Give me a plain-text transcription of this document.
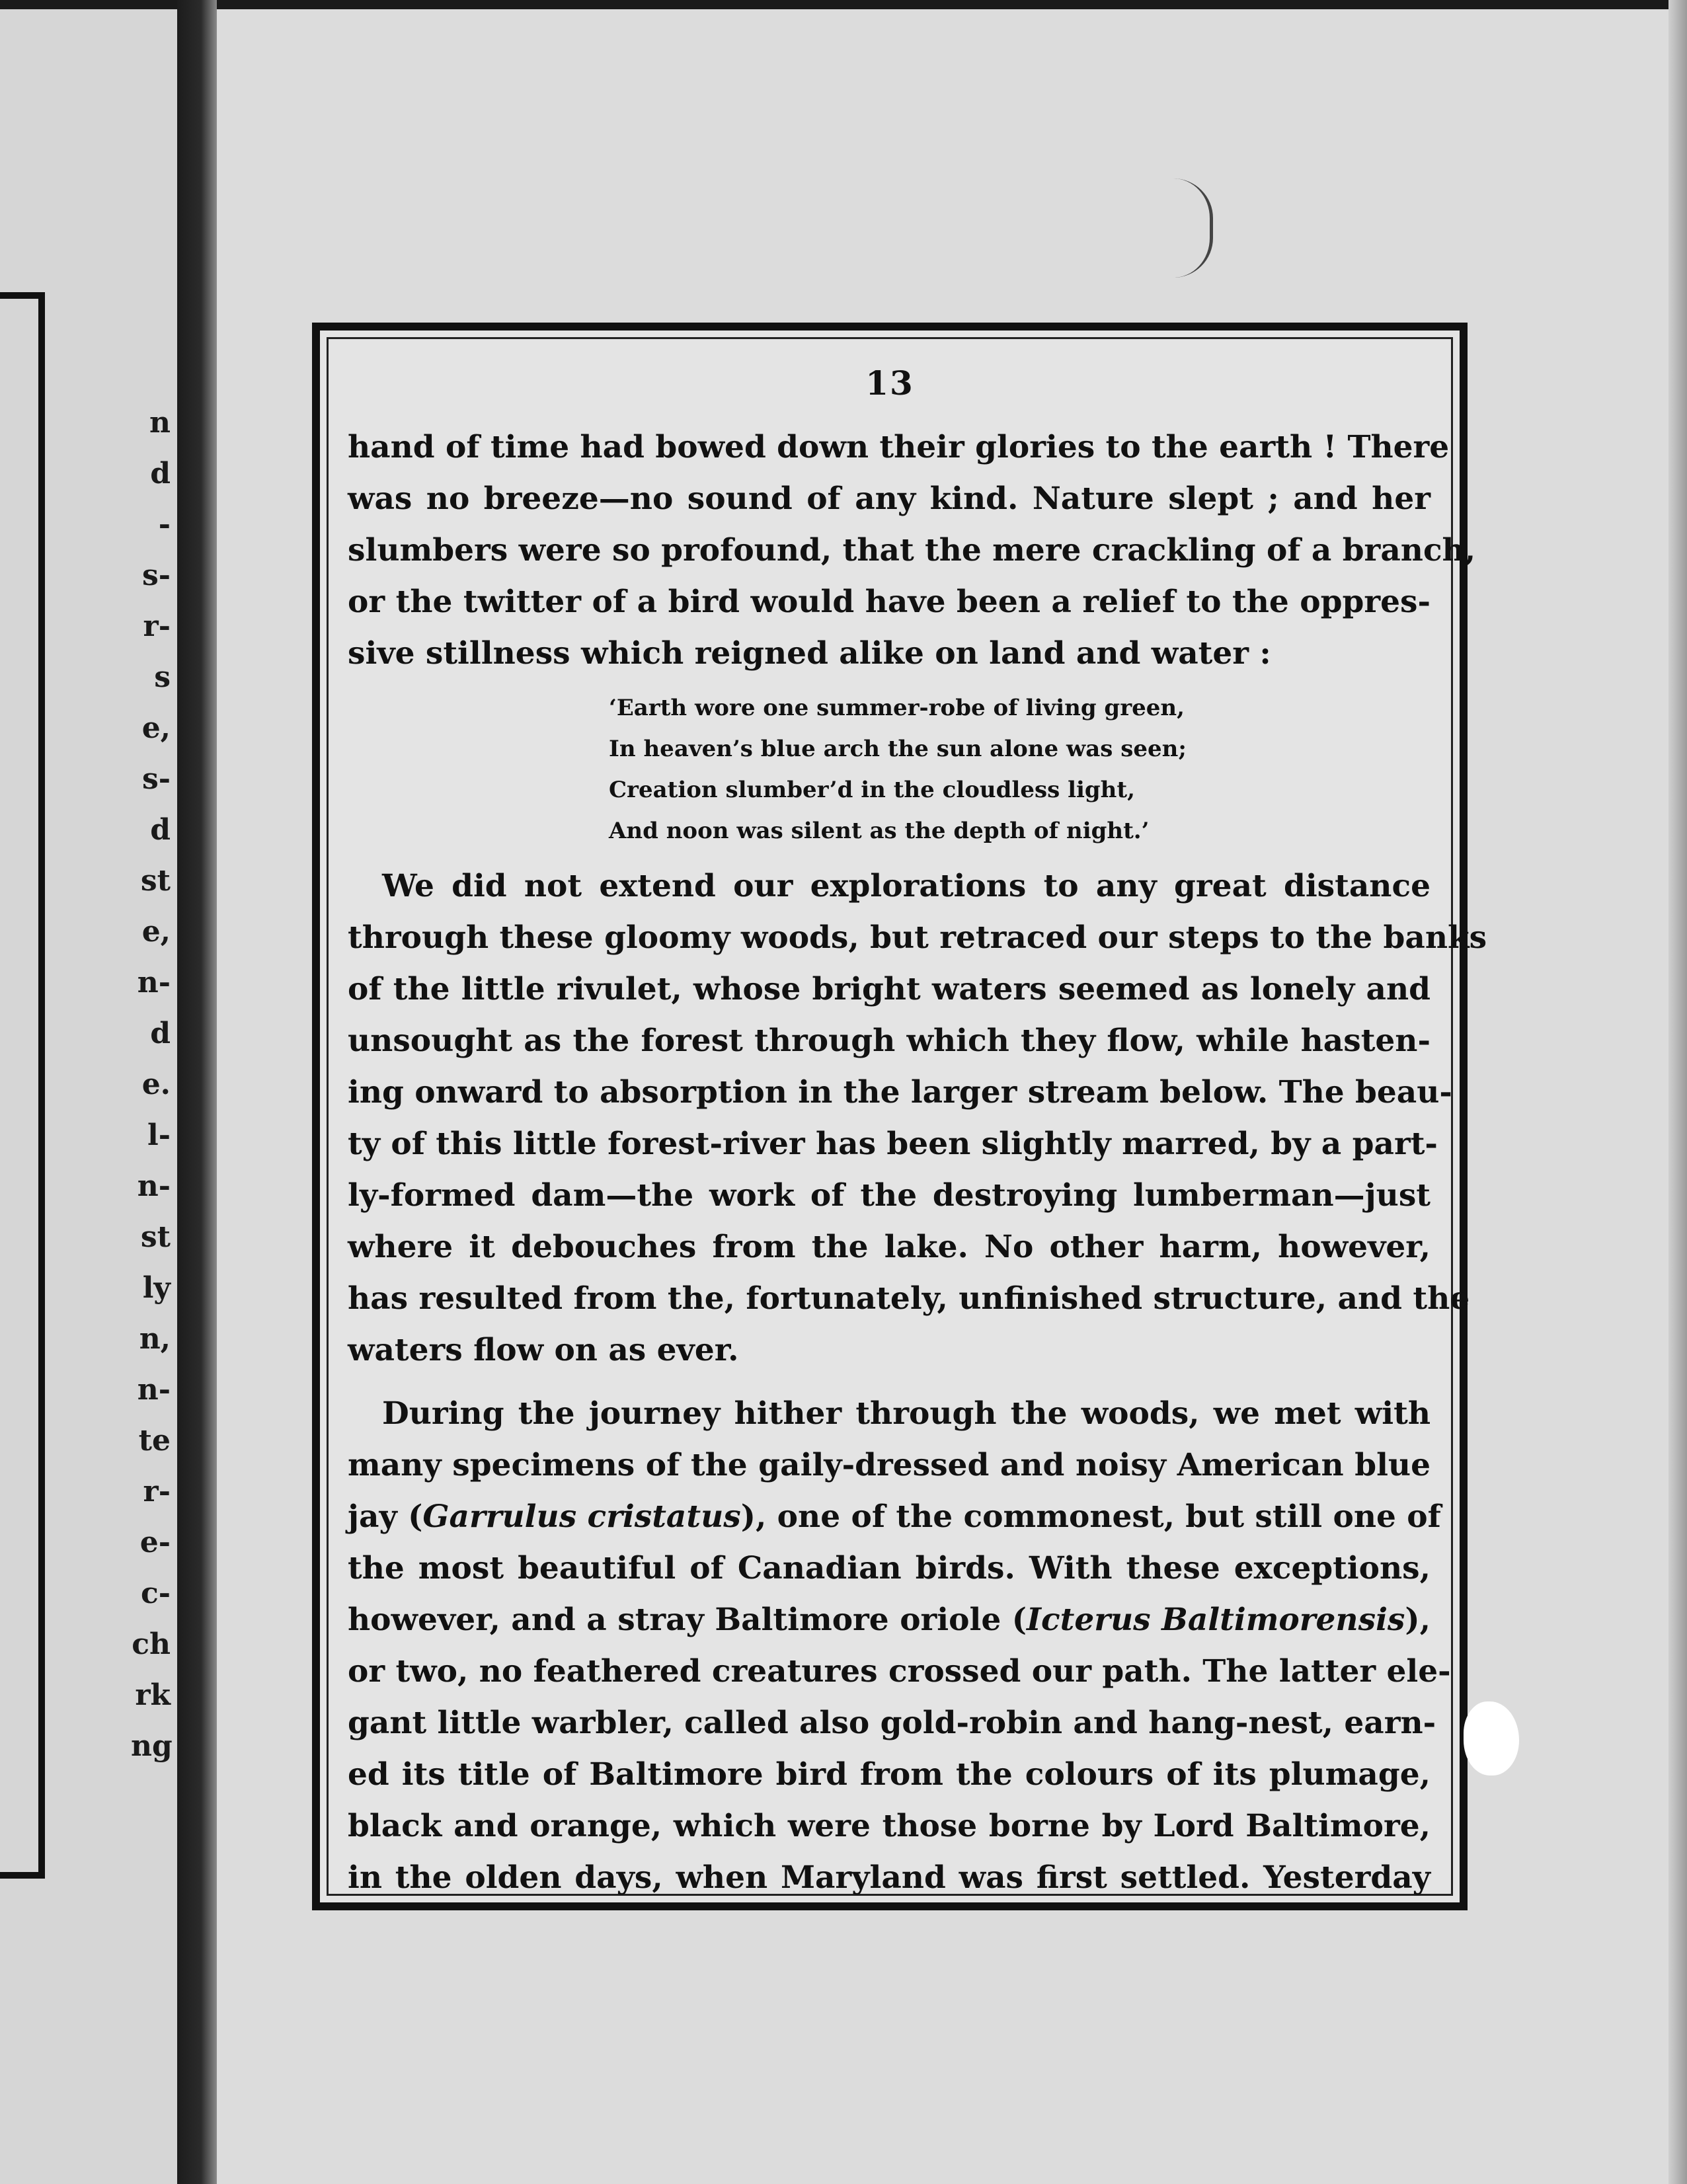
n
d
-
s-
r-
s
e,
s-
d
st
e,
n-
d
e.
l-
n-
st
ly
n,
n-
te
r-
e-
c-
ch
rk
ng
13
hand of time had bowed down their glories to the earth ! There
was no breeze—no sound of any kind. Nature slept ; and her
slumbers were so profound, that the mere crackling of a branch,
or the twitter of a bird would have been a relief to the oppres-
sive stillness which reigned alike on land and water :
‘Earth wore one summer-robe of living green,
In heaven’s blue arch the sun alone was seen;
Creation slumber’d in the cloudless light,
And noon was silent as the depth of night.’
We did not extend our explorations to any great distance
through these gloomy woods, but retraced our steps to the banks
of the little rivulet, whose bright waters seemed as lonely and
unsought as the forest through which they flow, while hasten-
ing onward to absorption in the larger stream below. The beau-
ty of this little forest-river has been slightly marred, by a part-
ly-formed dam—the work of the destroying lumberman—just
where it debouches from the lake. No other harm, however,
has resulted from the, fortunately, unfinished structure, and the
waters flow on as ever.
During the journey hither through the woods, we met with
many specimens of the gaily-dressed and noisy American blue
jay (Garrulus cristatus), one of the commonest, but still one of
the most beautiful of Canadian birds. With these exceptions,
however, and a stray Baltimore oriole (Icterus Baltimorensis),
or two, no feathered creatures crossed our path. The latter ele-
gant little warbler, called also gold-robin and hang-nest, earn-
ed its title of Baltimore bird from the colours of its plumage,
black and orange, which were those borne by Lord Baltimore,
in the olden days, when Maryland was first settled. Yesterday
